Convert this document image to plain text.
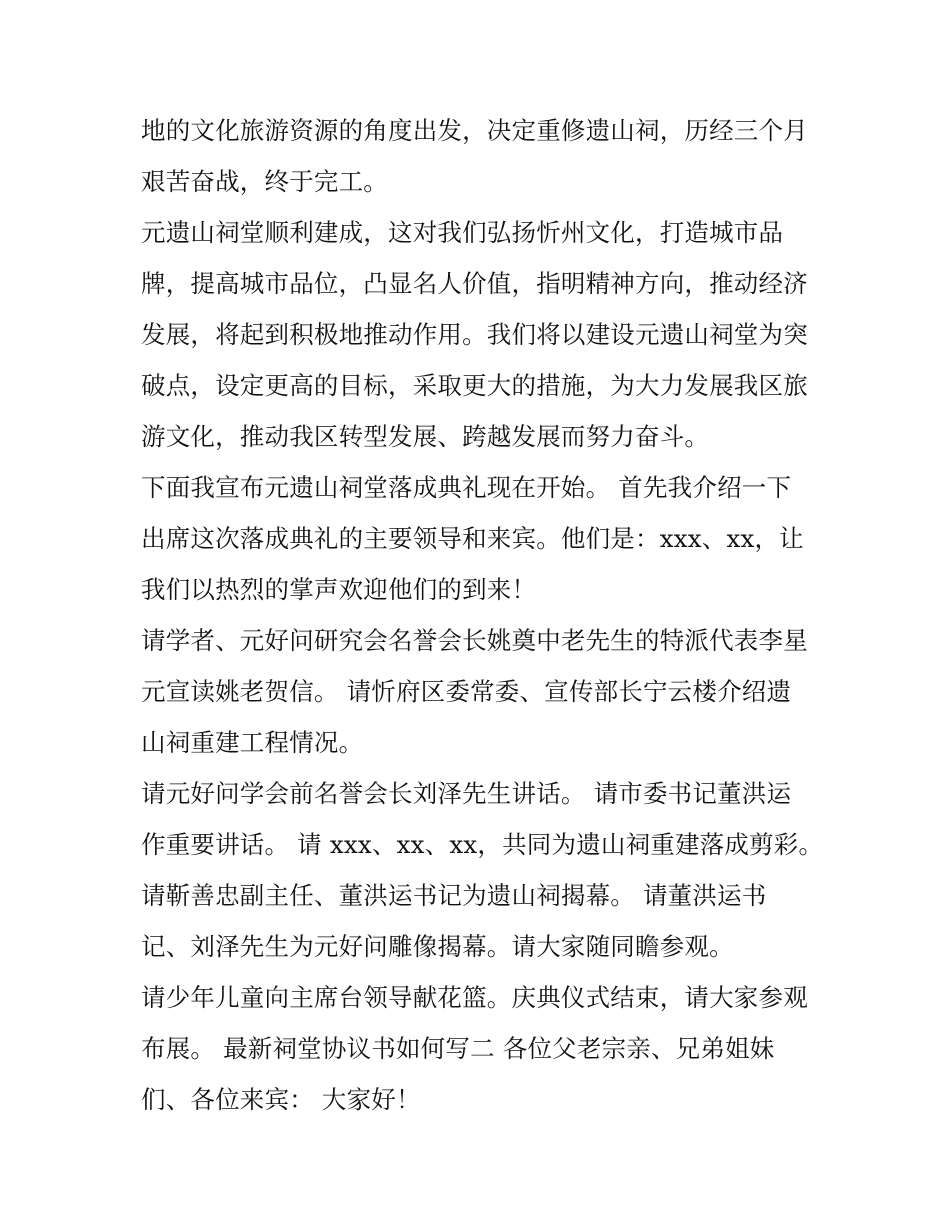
地的文化旅游资源的角度出发，决定重修遗山祠，历经三个月
艰苦奋战，终于完工。
元遗山祠堂顺利建成，这对我们弘扬忻州文化，打造城市品
牌，提高城市品位，凸显名人价值，指明精神方向，推动经济
发展，将起到积极地推动作用。我们将以建设元遗山祠堂为突
破点，设定更高的目标，采取更大的措施，为大力发展我区旅
游文化，推动我区转型发展、跨越发展而努力奋斗。
下面我宣布元遗山祠堂落成典礼现在开始。 首先我介绍一下
出席这次落成典礼的主要领导和来宾。他们是：xxx、xx，让
我们以热烈的掌声欢迎他们的到来！
请学者、元好问研究会名誉会长姚奠中老先生的特派代表李星
元宣读姚老贺信。 请忻府区委常委、宣传部长宁云楼介绍遗
山祠重建工程情况。
请元好问学会前名誉会长刘泽先生讲话。 请市委书记董洪运
作重要讲话。 请 xxx、xx、xx，共同为遗山祠重建落成剪彩。
请靳善忠副主任、董洪运书记为遗山祠揭幕。 请董洪运书
记、刘泽先生为元好问雕像揭幕。请大家随同瞻参观。
请少年儿童向主席台领导献花篮。庆典仪式结束，请大家参观
布展。 最新祠堂协议书如何写二 各位父老宗亲、兄弟姐妹
们、各位来宾： 大家好！
